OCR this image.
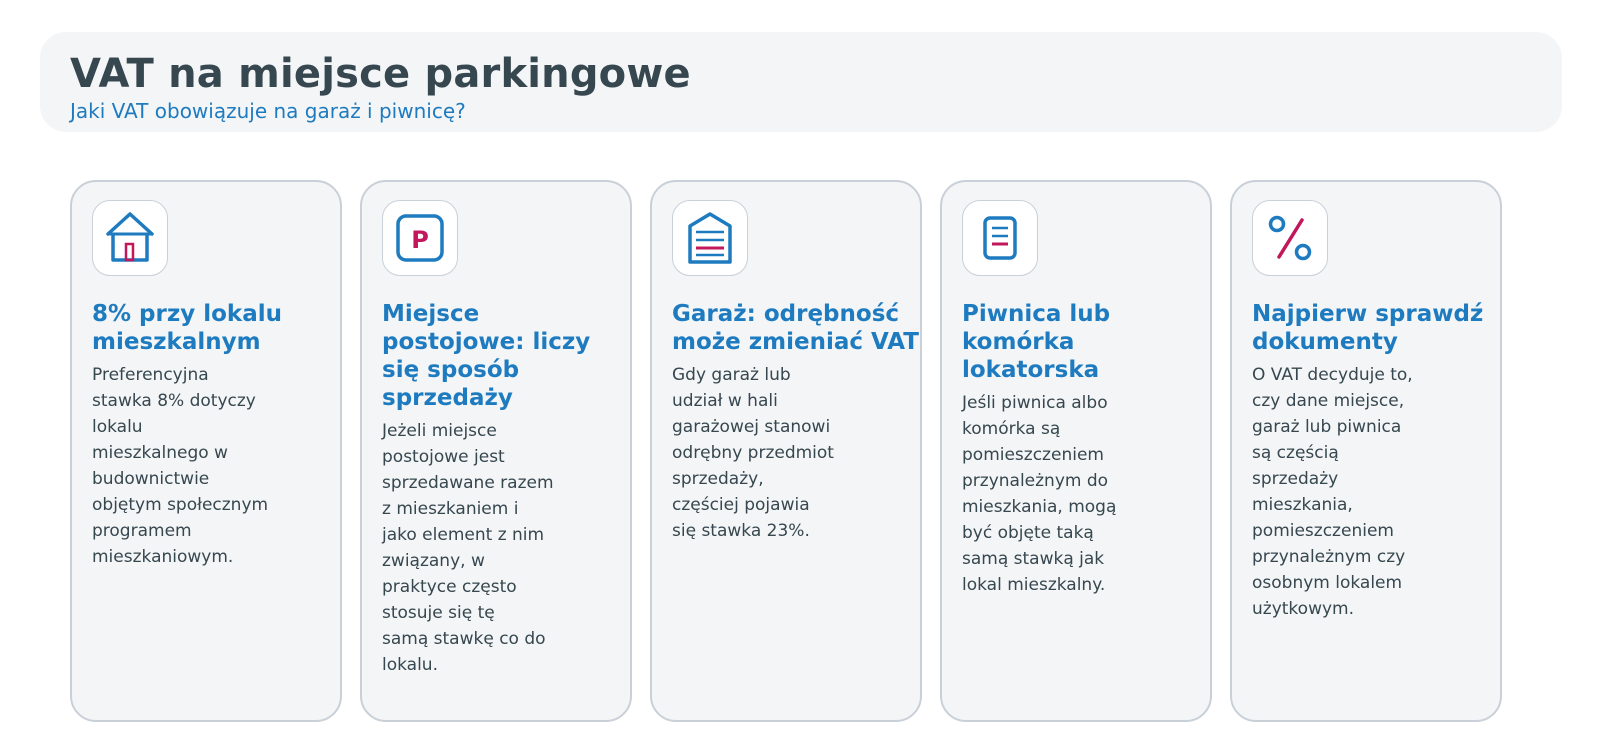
VAT na miejsce parkingowe
Jaki VAT obowiązuje na garaż i piwnicę?
8% przy lokalu mieszkalnym
Preferencyjna
stawka 8% dotyczy
lokalu
mieszkalnego w
budownictwie
objętym społecznym
programem
mieszkaniowym.
P
Miejsce postojowe: liczy się sposób sprzedaży
Jeżeli miejsce
postojowe jest
sprzedawane razem
z mieszkaniem i
jako element z nim
związany, w
praktyce często
stosuje się tę
samą stawkę co do
lokalu.
Garaż: odrębność może zmieniać VAT
Gdy garaż lub
udział w hali
garażowej stanowi
odrębny przedmiot
sprzedaży,
częściej pojawia
się stawka 23%.
Piwnica lub komórka lokatorska
Jeśli piwnica albo
komórka są
pomieszczeniem
przynależnym do
mieszkania, mogą
być objęte taką
samą stawką jak
lokal mieszkalny.
Najpierw sprawdź dokumenty
O VAT decyduje to,
czy dane miejsce,
garaż lub piwnica
są częścią
sprzedaży
mieszkania,
pomieszczeniem
przynależnym czy
osobnym lokalem
użytkowym.
